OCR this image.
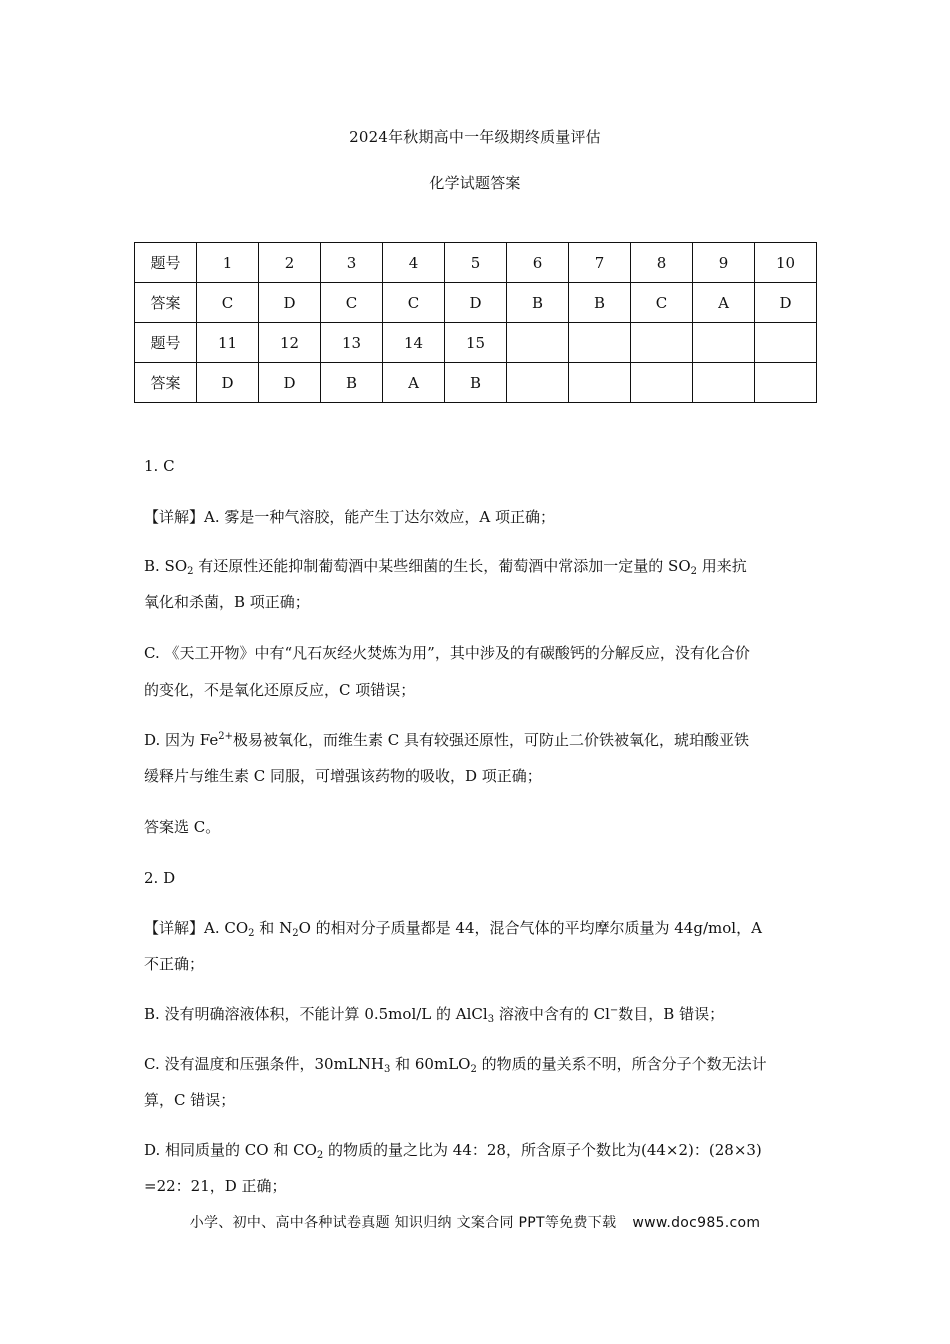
2024年秋期高中一年级期终质量评估
化学试题答案
题号	1	2	3	4	5	6	7	8	9	10
答案	C	D	C	C	D	B	B	C	A	D
题号	11	12	13	14	15					
答案	D	D	B	A	B					
1. C
【详解】A. 雾是一种气溶胶，能产生丁达尔效应，A 项正确；
B. $SO_2$ 有还原性还能抑制葡萄酒中某些细菌的生长，葡萄酒中常添加一定量的 $SO_2$ 用来抗
氧化和杀菌，B 项正确；
C. 《天工开物》中有“凡石灰经火焚炼为用”，其中涉及的有碳酸钙的分解反应，没有化合价
的变化，不是氧化还原反应，C 项错误；
D. 因为 $Fe^{2+}$极易被氧化，而维生素 C 具有较强还原性，可防止二价铁被氧化，琥珀酸亚铁
缓释片与维生素 C 同服，可增强该药物的吸收，D 项正确；
答案选 C。
2. D
【详解】A. $CO_2$ 和 $N_2O$ 的相对分子质量都是 44，混合气体的平均摩尔质量为 44g/mol，A
不正确；
B. 没有明确溶液体积，不能计算 0.5mol/L 的 AlCl$_3$ 溶液中含有的 Cl−数目，B 错误；
C. 没有温度和压强条件，30mLNH$_3$ 和 60mLO$_2$ 的物质的量关系不明，所含分子个数无法计
算，C 错误；
D. 相同质量的 CO 和 $CO_2$ 的物质的量之比为 44：28，所含原子个数比为(44×2)：(28×3)
=22：21，D 正确；
小学、初中、高中各种试卷真题 知识归纳 文案合同 PPT等免费下载 www.doc985.com
